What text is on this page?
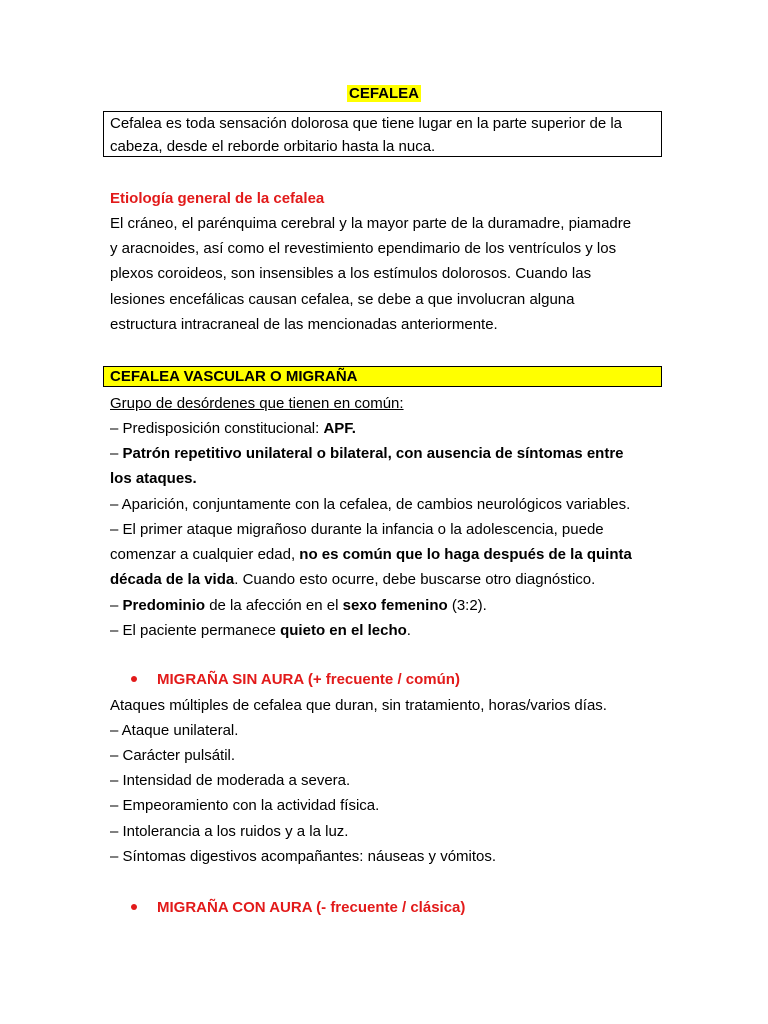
CEFALEA
Cefalea es toda sensación dolorosa que tiene lugar en la parte superior de la
cabeza, desde el reborde orbitario hasta la nuca.
Etiología general de la cefalea
El cráneo, el parénquima cerebral y la mayor parte de la duramadre, piamadre
y aracnoides, así como el revestimiento ependimario de los ventrículos y los
plexos coroideos, son insensibles a los estímulos dolorosos. Cuando las
lesiones encefálicas causan cefalea, se debe a que involucran alguna
estructura intracraneal de las mencionadas anteriormente.
CEFALEA VASCULAR O MIGRAÑA
Grupo de desórdenes que tienen en común:
– Predisposición constitucional: APF.
– Patrón repetitivo unilateral o bilateral, con ausencia de síntomas entre
los ataques.
– Aparición, conjuntamente con la cefalea, de cambios neurológicos variables.
– El primer ataque migrañoso durante la infancia o la adolescencia, puede
comenzar a cualquier edad, no es común que lo haga después de la quinta
década de la vida. Cuando esto ocurre, debe buscarse otro diagnóstico.
– Predominio de la afección en el sexo femenino (3:2).
– El paciente permanece quieto en el lecho.
MIGRAÑA SIN AURA (+ frecuente / común)
Ataques múltiples de cefalea que duran, sin tratamiento, horas/varios días.
– Ataque unilateral.
– Carácter pulsátil.
– Intensidad de moderada a severa.
– Empeoramiento con la actividad física.
– Intolerancia a los ruidos y a la luz.
– Síntomas digestivos acompañantes: náuseas y vómitos.
MIGRAÑA CON AURA (- frecuente / clásica)
